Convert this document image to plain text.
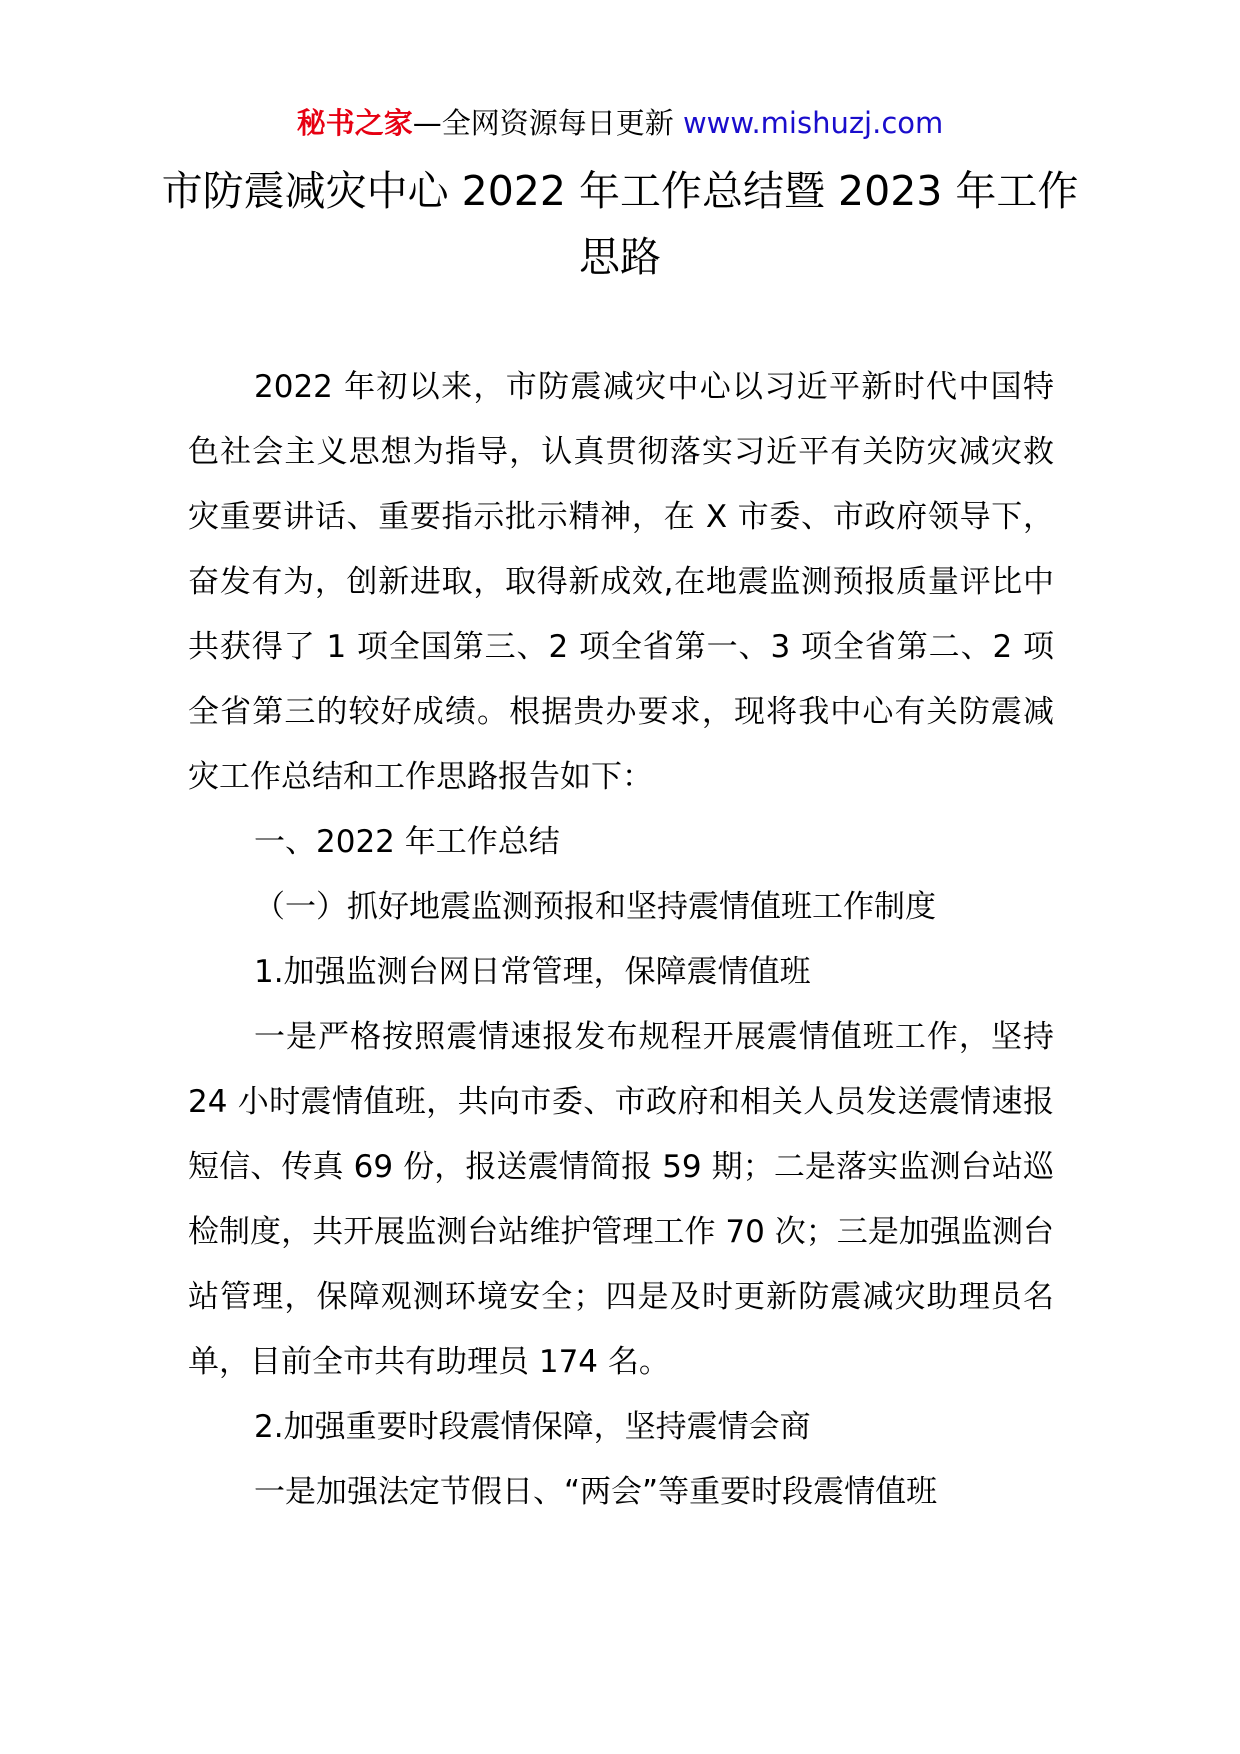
秘书之家—全网资源每日更新 www.mishuzj.com
市防震减灾中心 2022 年工作总结暨 2023 年工作思路

2022 年初以来，市防震减灾中心以习近平新时代中国特色社会主义思想为指导，认真贯彻落实习近平有关防灾减灾救灾重要讲话、重要指示批示精神，在 X 市委、市政府领导下，奋发有为，创新进取，取得新成效,在地震监测预报质量评比中共获得了 1 项全国第三、2 项全省第一、3 项全省第二、2 项全省第三的较好成绩。根据贵办要求，现将我中心有关防震减灾工作总结和工作思路报告如下：

一、2022 年工作总结

（一）抓好地震监测预报和坚持震情值班工作制度

1.加强监测台网日常管理，保障震情值班

一是严格按照震情速报发布规程开展震情值班工作，坚持 24 小时震情值班，共向市委、市政府和相关人员发送震情速报短信、传真 69 份，报送震情简报 59 期；二是落实监测台站巡检制度，共开展监测台站维护管理工作 70 次；三是加强监测台站管理，保障观测环境安全；四是及时更新防震减灾助理员名单，目前全市共有助理员 174 名。

2.加强重要时段震情保障，坚持震情会商

一是加强法定节假日、“两会”等重要时段震情值班
